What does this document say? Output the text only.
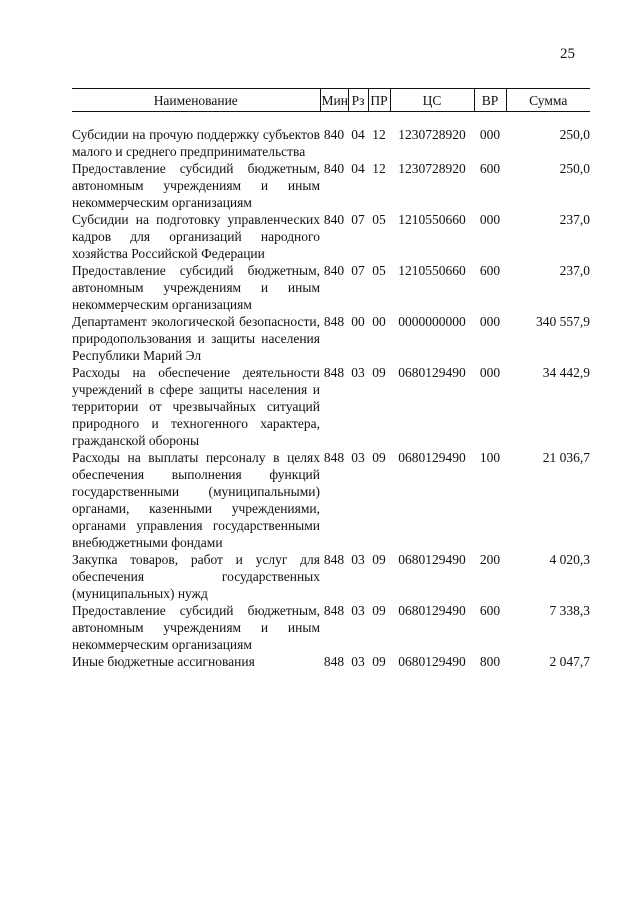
25
Наименование	Мин	Рз	ПР	ЦС	ВР	Сумма

Субсидии на прочую поддержку субъектов малого и среднего предпринимательства	840	04	12	1230728920	000	250,0
Предоставление субсидий бюджетным, автономным учреждениям и иным некоммерческим организациям	840	04	12	1230728920	600	250,0
Субсидии на подготовку управленческих кадров для организаций народного хозяйства Российской Федерации	840	07	05	1210550660	000	237,0
Предоставление субсидий бюджетным, автономным учреждениям и иным некоммерческим организациям	840	07	05	1210550660	600	237,0
Департамент экологической безопасности, природопользования и защиты населения Республики Марий Эл	848	00	00	0000000000	000	340 557,9
Расходы на обеспечение деятельности учреждений в сфере защиты населения и территории от чрезвычайных ситуаций природного и техногенного характера, гражданской обороны	848	03	09	0680129490	000	34 442,9
Расходы на выплаты персоналу в целях обеспечения выполнения функций государственными (муниципальными) органами, казенными учреждениями, органами управления государственными внебюджетными фондами	848	03	09	0680129490	100	21 036,7
Закупка товаров, работ и услуг для обеспечения государственных (муниципальных) нужд	848	03	09	0680129490	200	4 020,3
Предоставление субсидий бюджетным, автономным учреждениям и иным некоммерческим организациям	848	03	09	0680129490	600	7 338,3
Иные бюджетные ассигнования	848	03	09	0680129490	800	2 047,7
